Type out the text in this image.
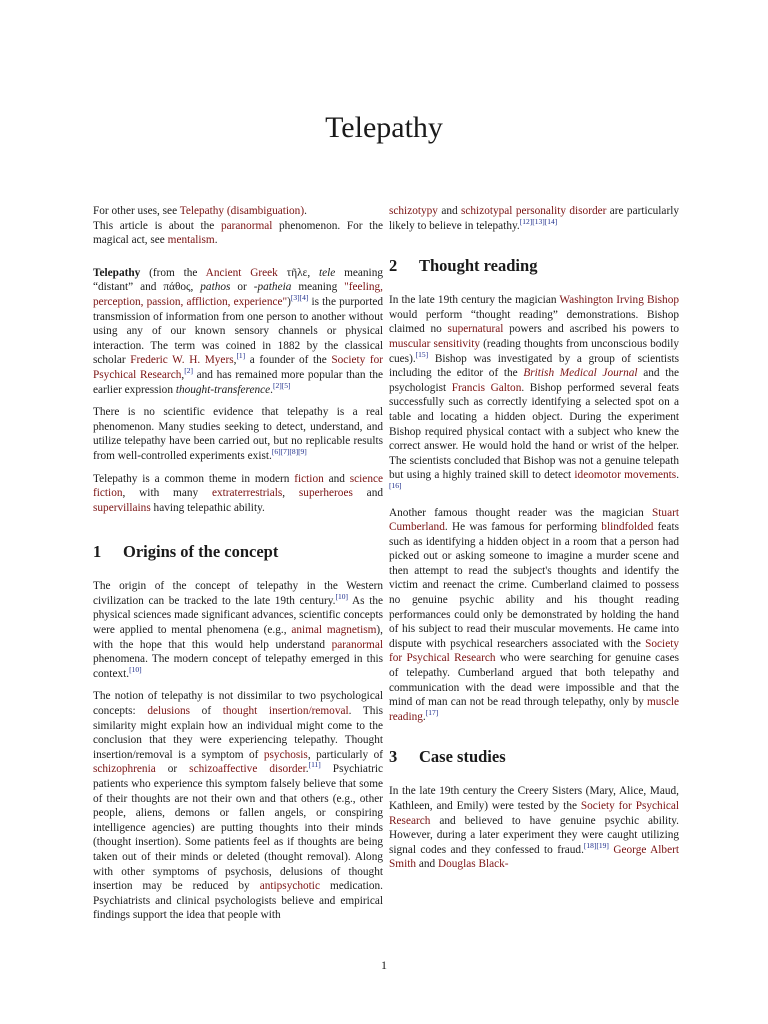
Telepathy

For other uses, see Telepathy (disambiguation).

This article is about the paranormal phenomenon. For the magical act, see mentalism.

Telepathy (from the Ancient Greek τῆλε, tele meaning “distant” and πάθος, pathos or -patheia meaning "feeling, perception, passion, affliction, experience")[3][4] is the purported transmission of information from one person to another without using any of our known sensory channels or physical interaction. The term was coined in 1882 by the classical scholar Frederic W. H. Myers,[1] a founder of the Society for Psychical Research,[2] and has remained more popular than the earlier expression thought-transference.[2][5]

There is no scientific evidence that telepathy is a real phenomenon. Many studies seeking to detect, understand, and utilize telepathy have been carried out, but no replicable results from well-controlled experiments exist.[6][7][8][9]

Telepathy is a common theme in modern fiction and science fiction, with many extraterrestrials, superheroes and supervillains having telepathic ability.

1 Origins of the concept

The origin of the concept of telepathy in the Western civilization can be tracked to the late 19th century.[10] As the physical sciences made significant advances, scientific concepts were applied to mental phenomena (e.g., animal magnetism), with the hope that this would help understand paranormal phenomena. The modern concept of telepathy emerged in this context.[10]

The notion of telepathy is not dissimilar to two psychological concepts: delusions of thought insertion/removal. This similarity might explain how an individual might come to the conclusion that they were experiencing telepathy. Thought insertion/removal is a symptom of psychosis, particularly of schizophrenia or schizoaffective disorder.[11] Psychiatric patients who experience this symptom falsely believe that some of their thoughts are not their own and that others (e.g., other people, aliens, demons or fallen angels, or conspiring intelligence agencies) are putting thoughts into their minds (thought insertion). Some patients feel as if thoughts are being taken out of their minds or deleted (thought removal). Along with other symptoms of psychosis, delusions of thought insertion may be reduced by antipsychotic medication. Psychiatrists and clinical psychologists believe and empirical findings support the idea that people with

schizotypy and schizotypal personality disorder are particularly likely to believe in telepathy.[12][13][14]

2 Thought reading

In the late 19th century the magician Washington Irving Bishop would perform “thought reading” demonstrations. Bishop claimed no supernatural powers and ascribed his powers to muscular sensitivity (reading thoughts from unconscious bodily cues).[15] Bishop was investigated by a group of scientists including the editor of the British Medical Journal and the psychologist Francis Galton. Bishop performed several feats successfully such as correctly identifying a selected spot on a table and locating a hidden object. During the experiment Bishop required physical contact with a subject who knew the correct answer. He would hold the hand or wrist of the helper. The scientists concluded that Bishop was not a genuine telepath but using a highly trained skill to detect ideomotor movements.[16]

Another famous thought reader was the magician Stuart Cumberland. He was famous for performing blindfolded feats such as identifying a hidden object in a room that a person had picked out or asking someone to imagine a murder scene and then attempt to read the subject's thoughts and identify the victim and reenact the crime. Cumberland claimed to possess no genuine psychic ability and his thought reading performances could only be demonstrated by holding the hand of his subject to read their muscular movements. He came into dispute with psychical researchers associated with the Society for Psychical Research who were searching for genuine cases of telepathy. Cumberland argued that both telepathy and communication with the dead were impossible and that the mind of man can not be read through telepathy, only by muscle reading.[17]

3 Case studies

In the late 19th century the Creery Sisters (Mary, Alice, Maud, Kathleen, and Emily) were tested by the Society for Psychical Research and believed to have genuine psychic ability. However, during a later experiment they were caught utilizing signal codes and they confessed to fraud.[18][19] George Albert Smith and Douglas Black-

1
